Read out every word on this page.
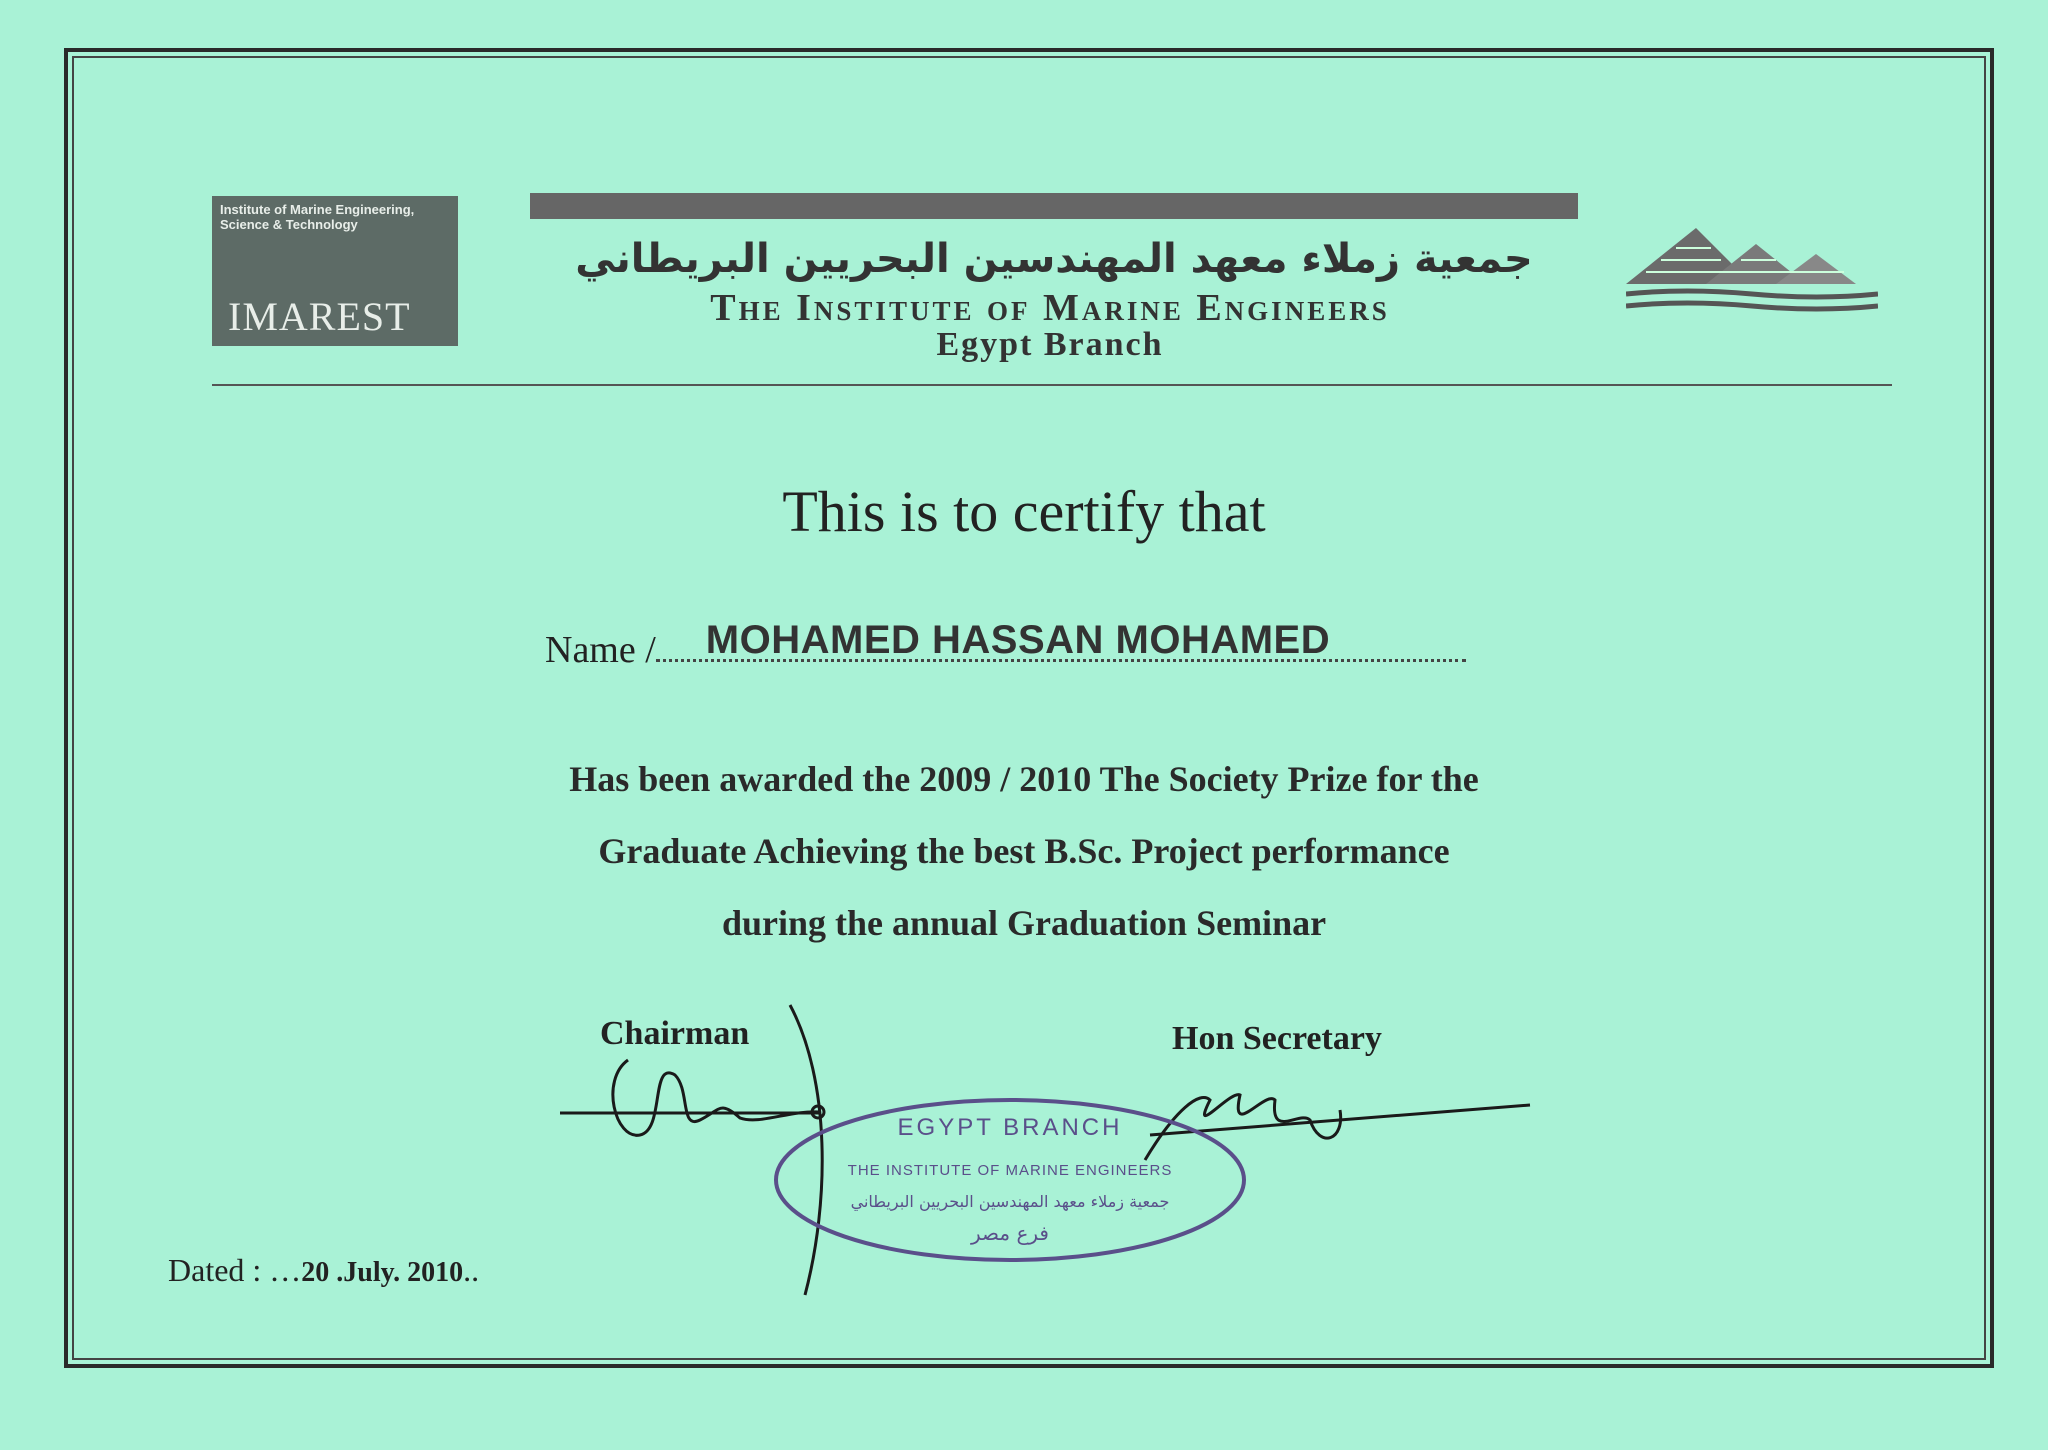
Institute of Marine Engineering, Science & Technology
IMAREST
جمعية زملاء معهد المهندسين البحريين البريطاني
The Institute of Marine Engineers
Egypt Branch
This is to certify that
Name / MOHAMED HASSAN MOHAMED
Has been awarded the 2009 / 2010 The Society Prize for the
Graduate Achieving the best B.Sc. Project performance
during the annual Graduation Seminar
Chairman	Hon Secretary
EGYPT BRANCH
THE INSTITUTE OF MARINE ENGINEERS
جمعية زملاء معهد المهندسين البحريين البريطاني
فرع مصر
Dated : …20 .July. 2010..
